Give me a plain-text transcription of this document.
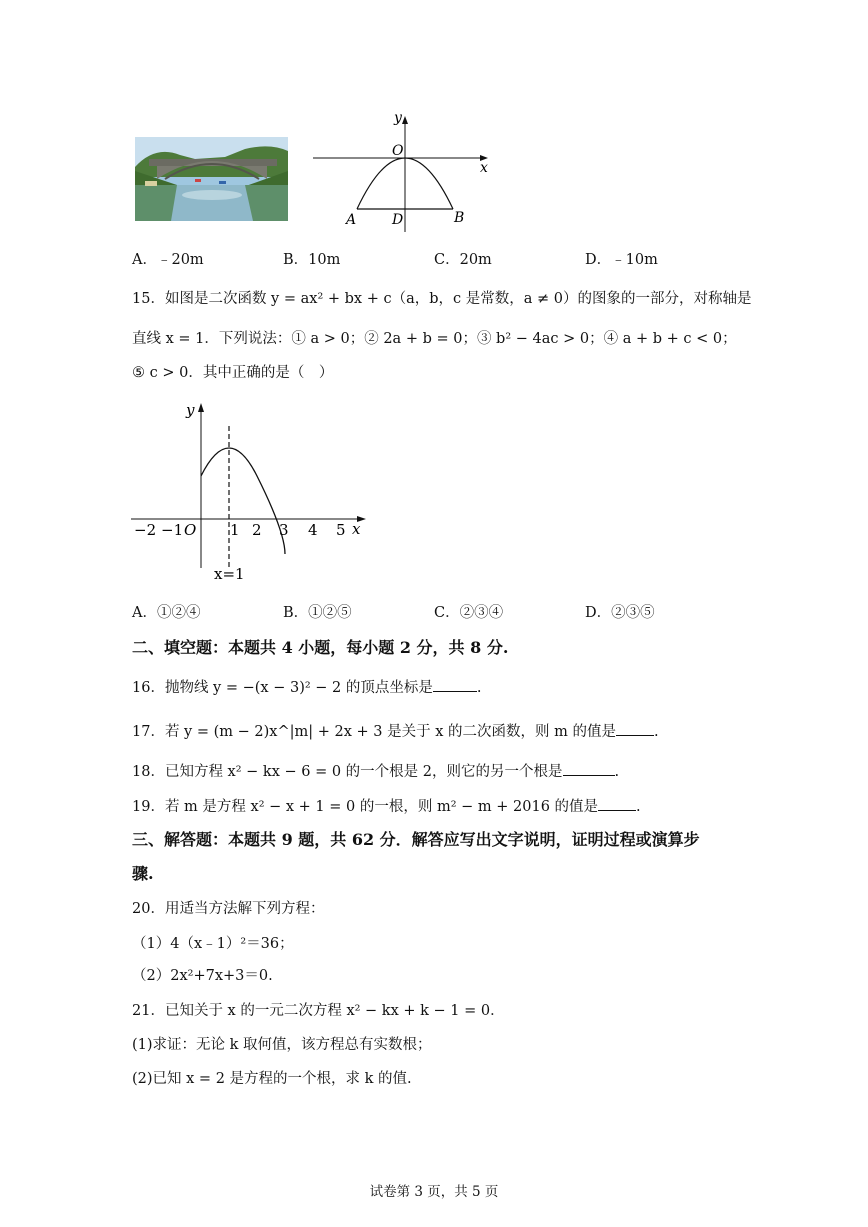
y
O
x
A	D	B
A．﹣20m	B．10m	C．20m	D．﹣10m
15．如图是二次函数 y = ax² + bx + c（a，b，c 是常数，a ≠ 0）的图象的一部分，对称轴是
直线 x = 1．下列说法：① a > 0；② 2a + b = 0；③ b² − 4ac > 0；④ a + b + c < 0；
⑤ c > 0．其中正确的是（　）
y
x
O
−2 −1	1 2 3 4 5
x=1
A．①②④	B．①②⑤	C．②③④	D．②③⑤
二、填空题：本题共 4 小题，每小题 2 分，共 8 分.
16．抛物线 y = −(x − 3)² − 2 的顶点坐标是	.
17．若 y = (m − 2)x^|m| + 2x + 3 是关于 x 的二次函数，则 m 的值是	.
18．已知方程 x² − kx − 6 = 0 的一个根是 2，则它的另一个根是	.
19．若 m 是方程 x² − x + 1 = 0 的一根，则 m² − m + 2016 的值是	.
三、解答题：本题共 9 题，共 62 分．解答应写出文字说明，证明过程或演算步
骤.
20．用适当方法解下列方程：
（1）4（x﹣1）²＝36；
（2）2x²+7x+3＝0.
21．已知关于 x 的一元二次方程 x² − kx + k − 1 = 0．
(1)求证：无论 k 取何值，该方程总有实数根；
(2)已知 x = 2 是方程的一个根，求 k 的值.
试卷第 3 页，共 5 页
